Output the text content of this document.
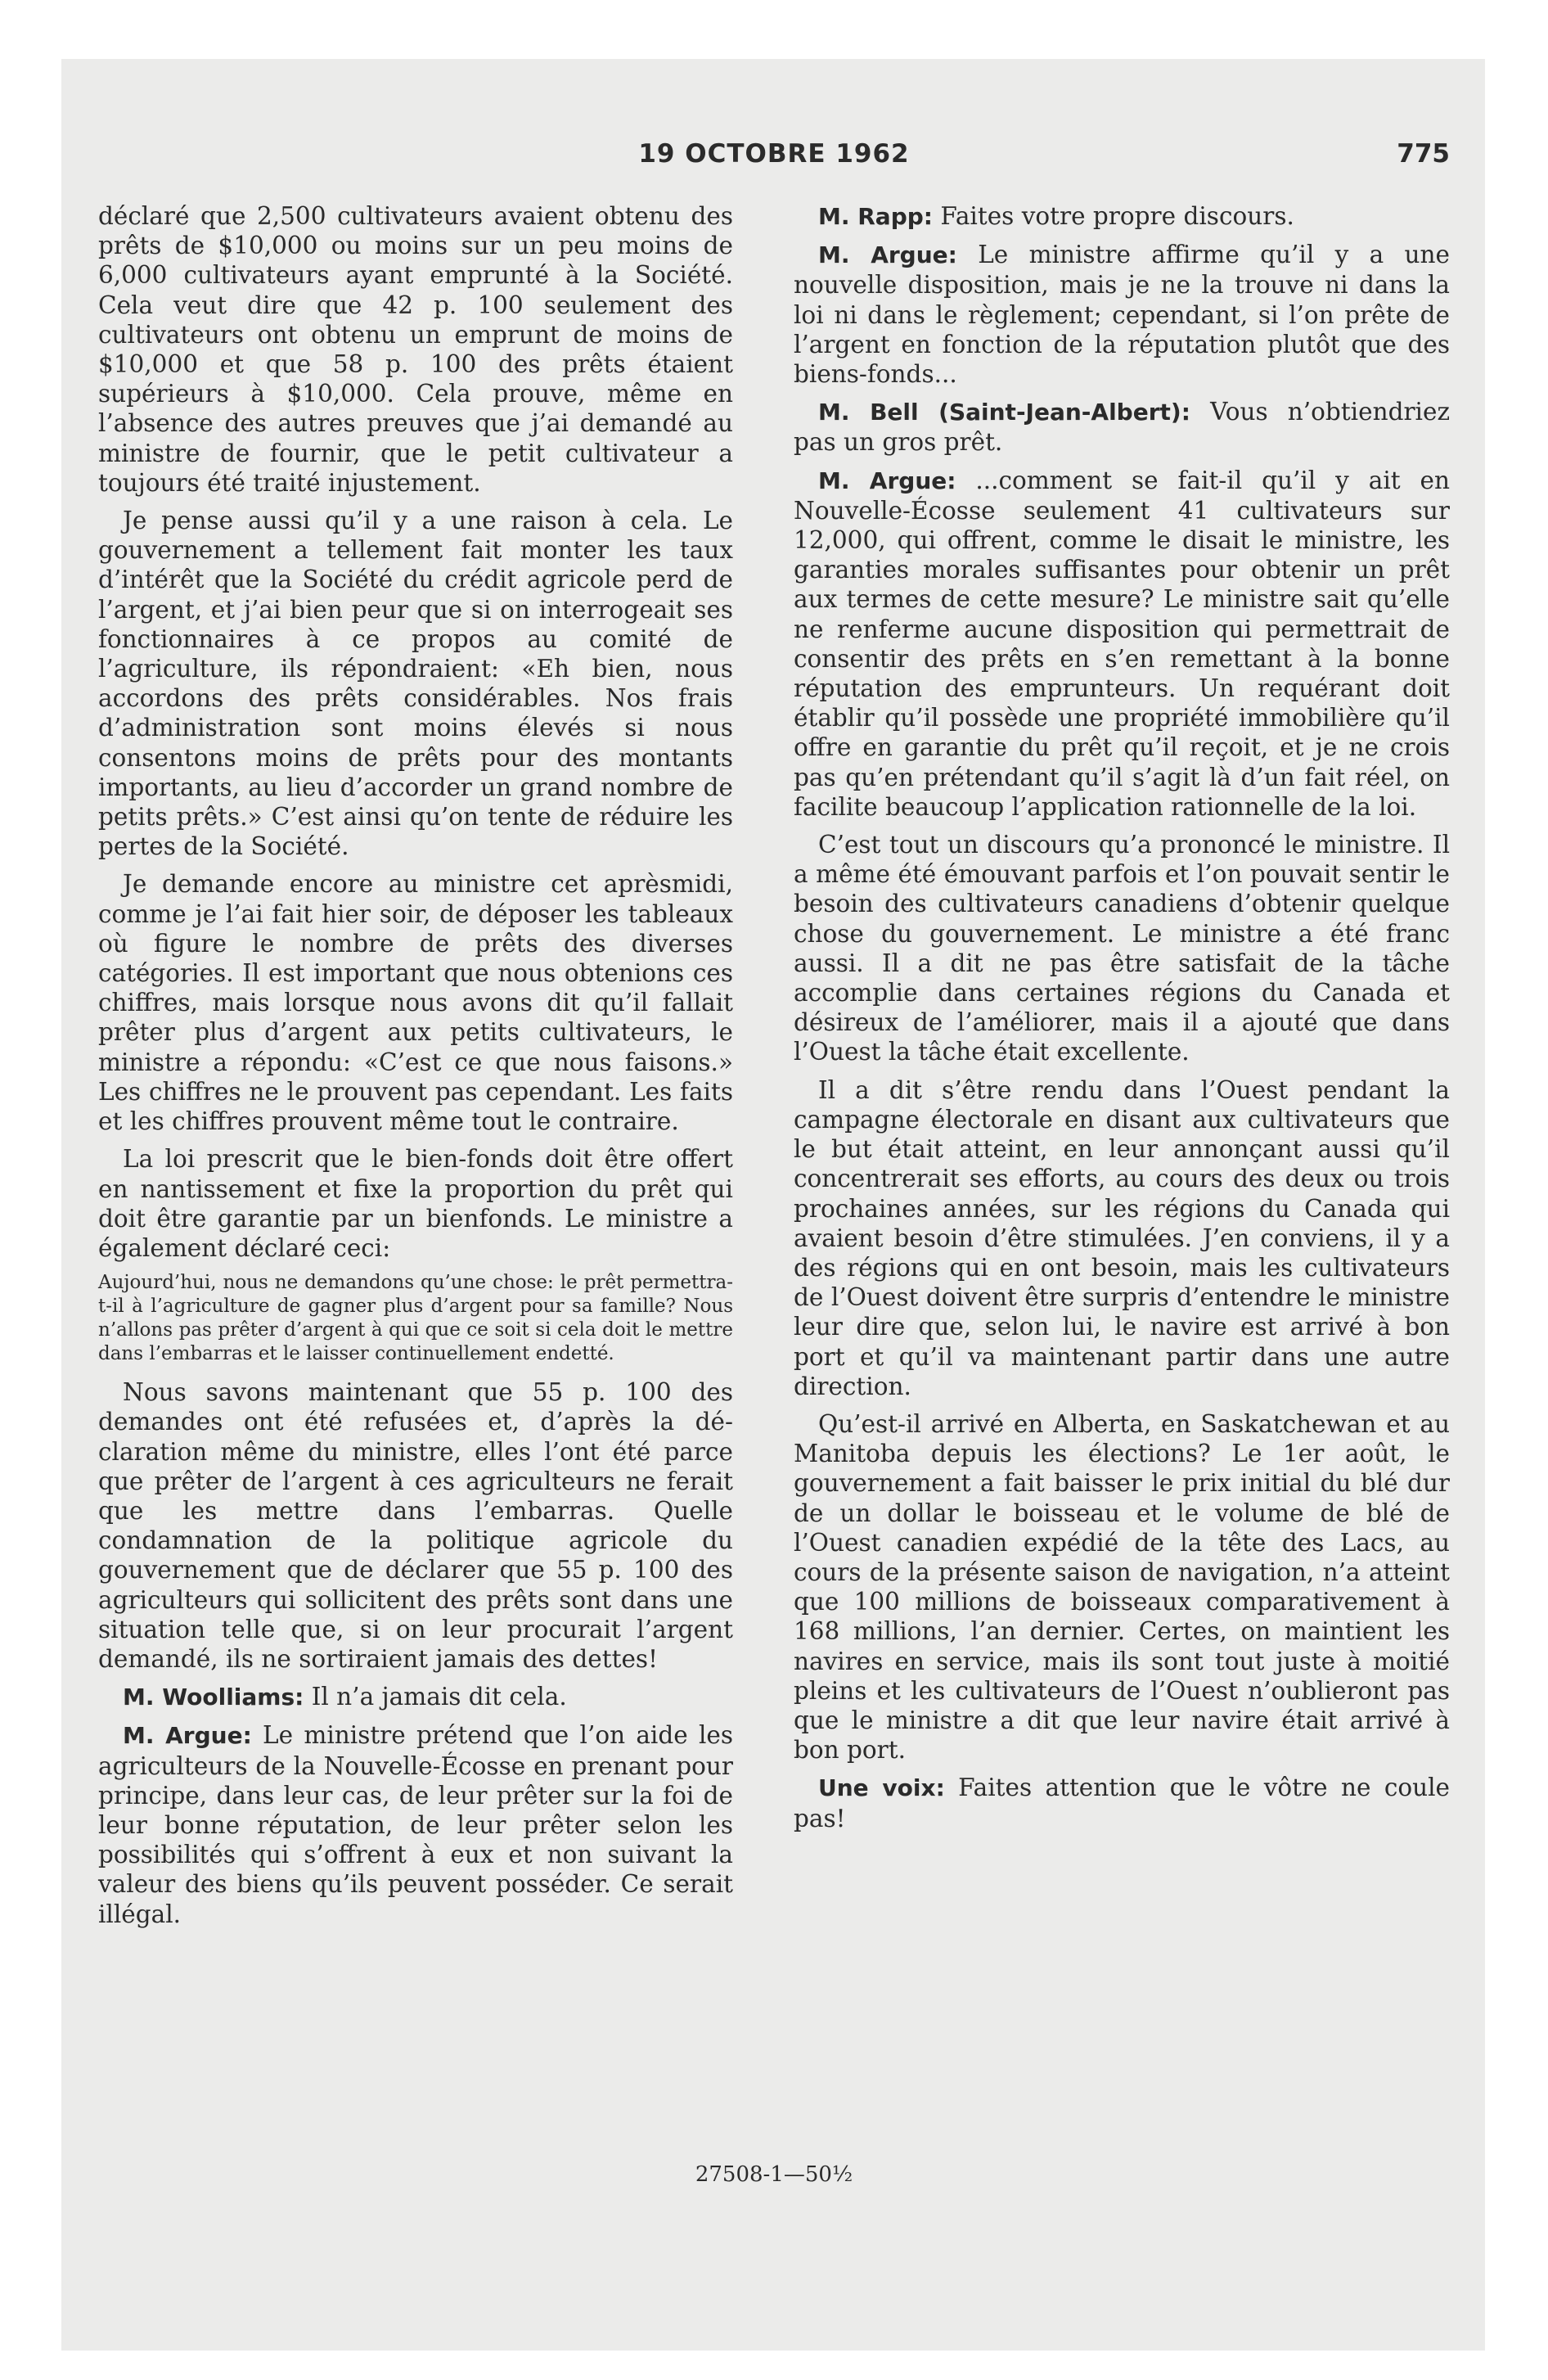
19 OCTOBRE 1962	775

déclaré que 2,500 cultivateurs avaient obtenu des prêts de $10,000 ou moins sur un peu moins de 6,000 cultivateurs ayant emprunté à la Société. Cela veut dire que 42 p. 100 seulement des cultivateurs ont obtenu un emprunt de moins de $10,000 et que 58 p. 100 des prêts étaient supérieurs à $10,000. Cela prouve, même en l’absence des autres preuves que j’ai demandé au ministre de fournir, que le petit cultivateur a toujours été traité injustement.

Je pense aussi qu’il y a une raison à cela. Le gouvernement a tellement fait monter les taux d’intérêt que la Société du crédit agricole perd de l’argent, et j’ai bien peur que si on interrogeait ses fonctionnaires à ce propos au comité de l’agriculture, ils répondraient: «Eh bien, nous accordons des prêts considérables. Nos frais d’administration sont moins élevés si nous consentons moins de prêts pour des montants importants, au lieu d’accorder un grand nombre de petits prêts.» C’est ainsi qu’on tente de réduire les pertes de la Société.

Je demande encore au ministre cet aprèsmidi, comme je l’ai fait hier soir, de déposer les tableaux où figure le nombre de prêts des diverses catégories. Il est important que nous obtenions ces chiffres, mais lorsque nous avons dit qu’il fallait prêter plus d’argent aux petits cultivateurs, le ministre a répondu: «C’est ce que nous faisons.» Les chiffres ne le prouvent pas cependant. Les faits et les chiffres prouvent même tout le contraire.

La loi prescrit que le bien-fonds doit être offert en nantissement et fixe la proportion du prêt qui doit être garantie par un bienfonds. Le ministre a également déclaré ceci:

Aujourd’hui, nous ne demandons qu’une chose: le prêt permettra-t-il à l’agriculture de gagner plus d’argent pour sa famille? Nous n’allons pas prêter d’argent à qui que ce soit si cela doit le mettre dans l’embarras et le laisser continuellement endetté.

Nous savons maintenant que 55 p. 100 des demandes ont été refusées et, d’après la déclaration même du ministre, elles l’ont été parce que prêter de l’argent à ces agriculteurs ne ferait que les mettre dans l’embarras. Quelle condamnation de la politique agricole du gouvernement que de déclarer que 55 p. 100 des agriculteurs qui sollicitent des prêts sont dans une situation telle que, si on leur procurait l’argent demandé, ils ne sortiraient jamais des dettes!

M. Woolliams: Il n’a jamais dit cela.

M. Argue: Le ministre prétend que l’on aide les agriculteurs de la Nouvelle-Écosse en prenant pour principe, dans leur cas, de leur prêter sur la foi de leur bonne réputation, de leur prêter selon les possibilités qui s’offrent à eux et non suivant la valeur des biens qu’ils peuvent posséder. Ce serait illégal.

M. Rapp: Faites votre propre discours.

M. Argue: Le ministre affirme qu’il y a une nouvelle disposition, mais je ne la trouve ni dans la loi ni dans le règlement; cependant, si l’on prête de l’argent en fonction de la réputation plutôt que des biens-fonds...

M. Bell (Saint-Jean-Albert): Vous n’obtiendriez pas un gros prêt.

M. Argue: ...comment se fait-il qu’il y ait en Nouvelle-Écosse seulement 41 cultivateurs sur 12,000, qui offrent, comme le disait le ministre, les garanties morales suffisantes pour obtenir un prêt aux termes de cette mesure? Le ministre sait qu’elle ne renferme aucune disposition qui permettrait de consentir des prêts en s’en remettant à la bonne réputation des emprunteurs. Un requérant doit établir qu’il possède une propriété immobilière qu’il offre en garantie du prêt qu’il reçoit, et je ne crois pas qu’en prétendant qu’il s’agit là d’un fait réel, on facilite beaucoup l’application rationnelle de la loi.

C’est tout un discours qu’a prononcé le ministre. Il a même été émouvant parfois et l’on pouvait sentir le besoin des cultivateurs canadiens d’obtenir quelque chose du gouvernement. Le ministre a été franc aussi. Il a dit ne pas être satisfait de la tâche accomplie dans certaines régions du Canada et désireux de l’améliorer, mais il a ajouté que dans l’Ouest la tâche était excellente.

Il a dit s’être rendu dans l’Ouest pendant la campagne électorale en disant aux cultivateurs que le but était atteint, en leur annonçant aussi qu’il concentrerait ses efforts, au cours des deux ou trois prochaines années, sur les régions du Canada qui avaient besoin d’être stimulées. J’en conviens, il y a des régions qui en ont besoin, mais les cultivateurs de l’Ouest doivent être surpris d’entendre le ministre leur dire que, selon lui, le navire est arrivé à bon port et qu’il va maintenant partir dans une autre direction.

Qu’est-il arrivé en Alberta, en Saskatchewan et au Manitoba depuis les élections? Le 1er août, le gouvernement a fait baisser le prix initial du blé dur de un dollar le boisseau et le volume de blé de l’Ouest canadien expédié de la tête des Lacs, au cours de la présente saison de navigation, n’a atteint que 100 millions de boisseaux comparativement à 168 millions, l’an dernier. Certes, on maintient les navires en service, mais ils sont tout juste à moitié pleins et les cultivateurs de l’Ouest n’oublieront pas que le ministre a dit que leur navire était arrivé à bon port.

Une voix: Faites attention que le vôtre ne coule pas!

27508-1—50½
